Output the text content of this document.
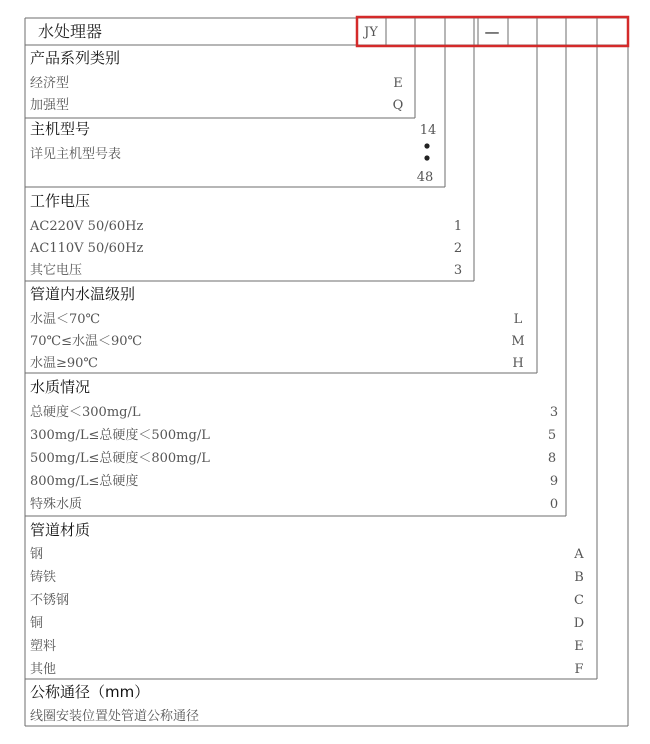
水处理器	JY	—
产品系列类别
经济型	E
加强型	Q
主机型号	14
详见主机型号表
48
工作电压
AC220V 50/60Hz	1
AC110V 50/60Hz	2
其它电压	3
管道内水温级别
水温＜70℃	L
70℃≤水温＜90℃	M
水温≥90℃	H
水质情况
总硬度＜300mg/L	3
300mg/L≤总硬度＜500mg/L	5
500mg/L≤总硬度＜800mg/L	8
800mg/L≤总硬度	9
特殊水质	0
管道材质
钢	A
铸铁	B
不锈钢	C
铜	D
塑料	E
其他	F
公称通径（mm）
线圈安装位置处管道公称通径
